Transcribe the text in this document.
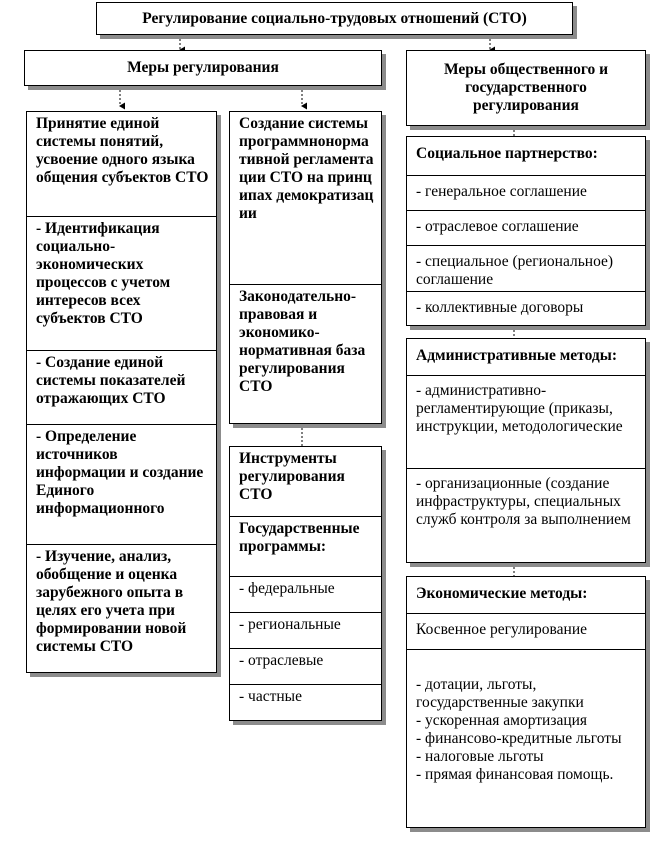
Регулирование социально-трудовых отношений (СТО)
Меры регулирования	Меры общественного и государственного регулирования
Принятие единой системы понятий, усвоение одного языка общения субъектов СТО
- Идентификация социально-экономических процессов с учетом интересов всех субъектов СТО
- Создание единой системы показателей отражающих СТО
- Определение источников информации и создание Единого информационного
- Изучение, анализ, обобщение и оценка зарубежного опыта в целях его учета при формировании новой системы СТО
Создание системы программнонормативной регламентации СТО на принципах демократизации
Законодательно-правовая и экономико-нормативная база регулирования СТО
Инструменты регулирования СТО
Государственные программы:
- федеральные
- региональные
- отраслевые
- частные
Социальное партнерство:
- генеральное соглашение
- отраслевое соглашение
- специальное (региональное) соглашение
- коллективные договоры
Административные методы:
- административно-регламентирующие (приказы, инструкции, методологические
- организационные (создание инфраструктуры, специальных служб контроля за выполнением
Экономические методы:
Косвенное регулирование

- дотации, льготы, государственные закупки
- ускоренная амортизация
- финансово-кредитные льготы
- налоговые льготы
- прямая финансовая помощь.
